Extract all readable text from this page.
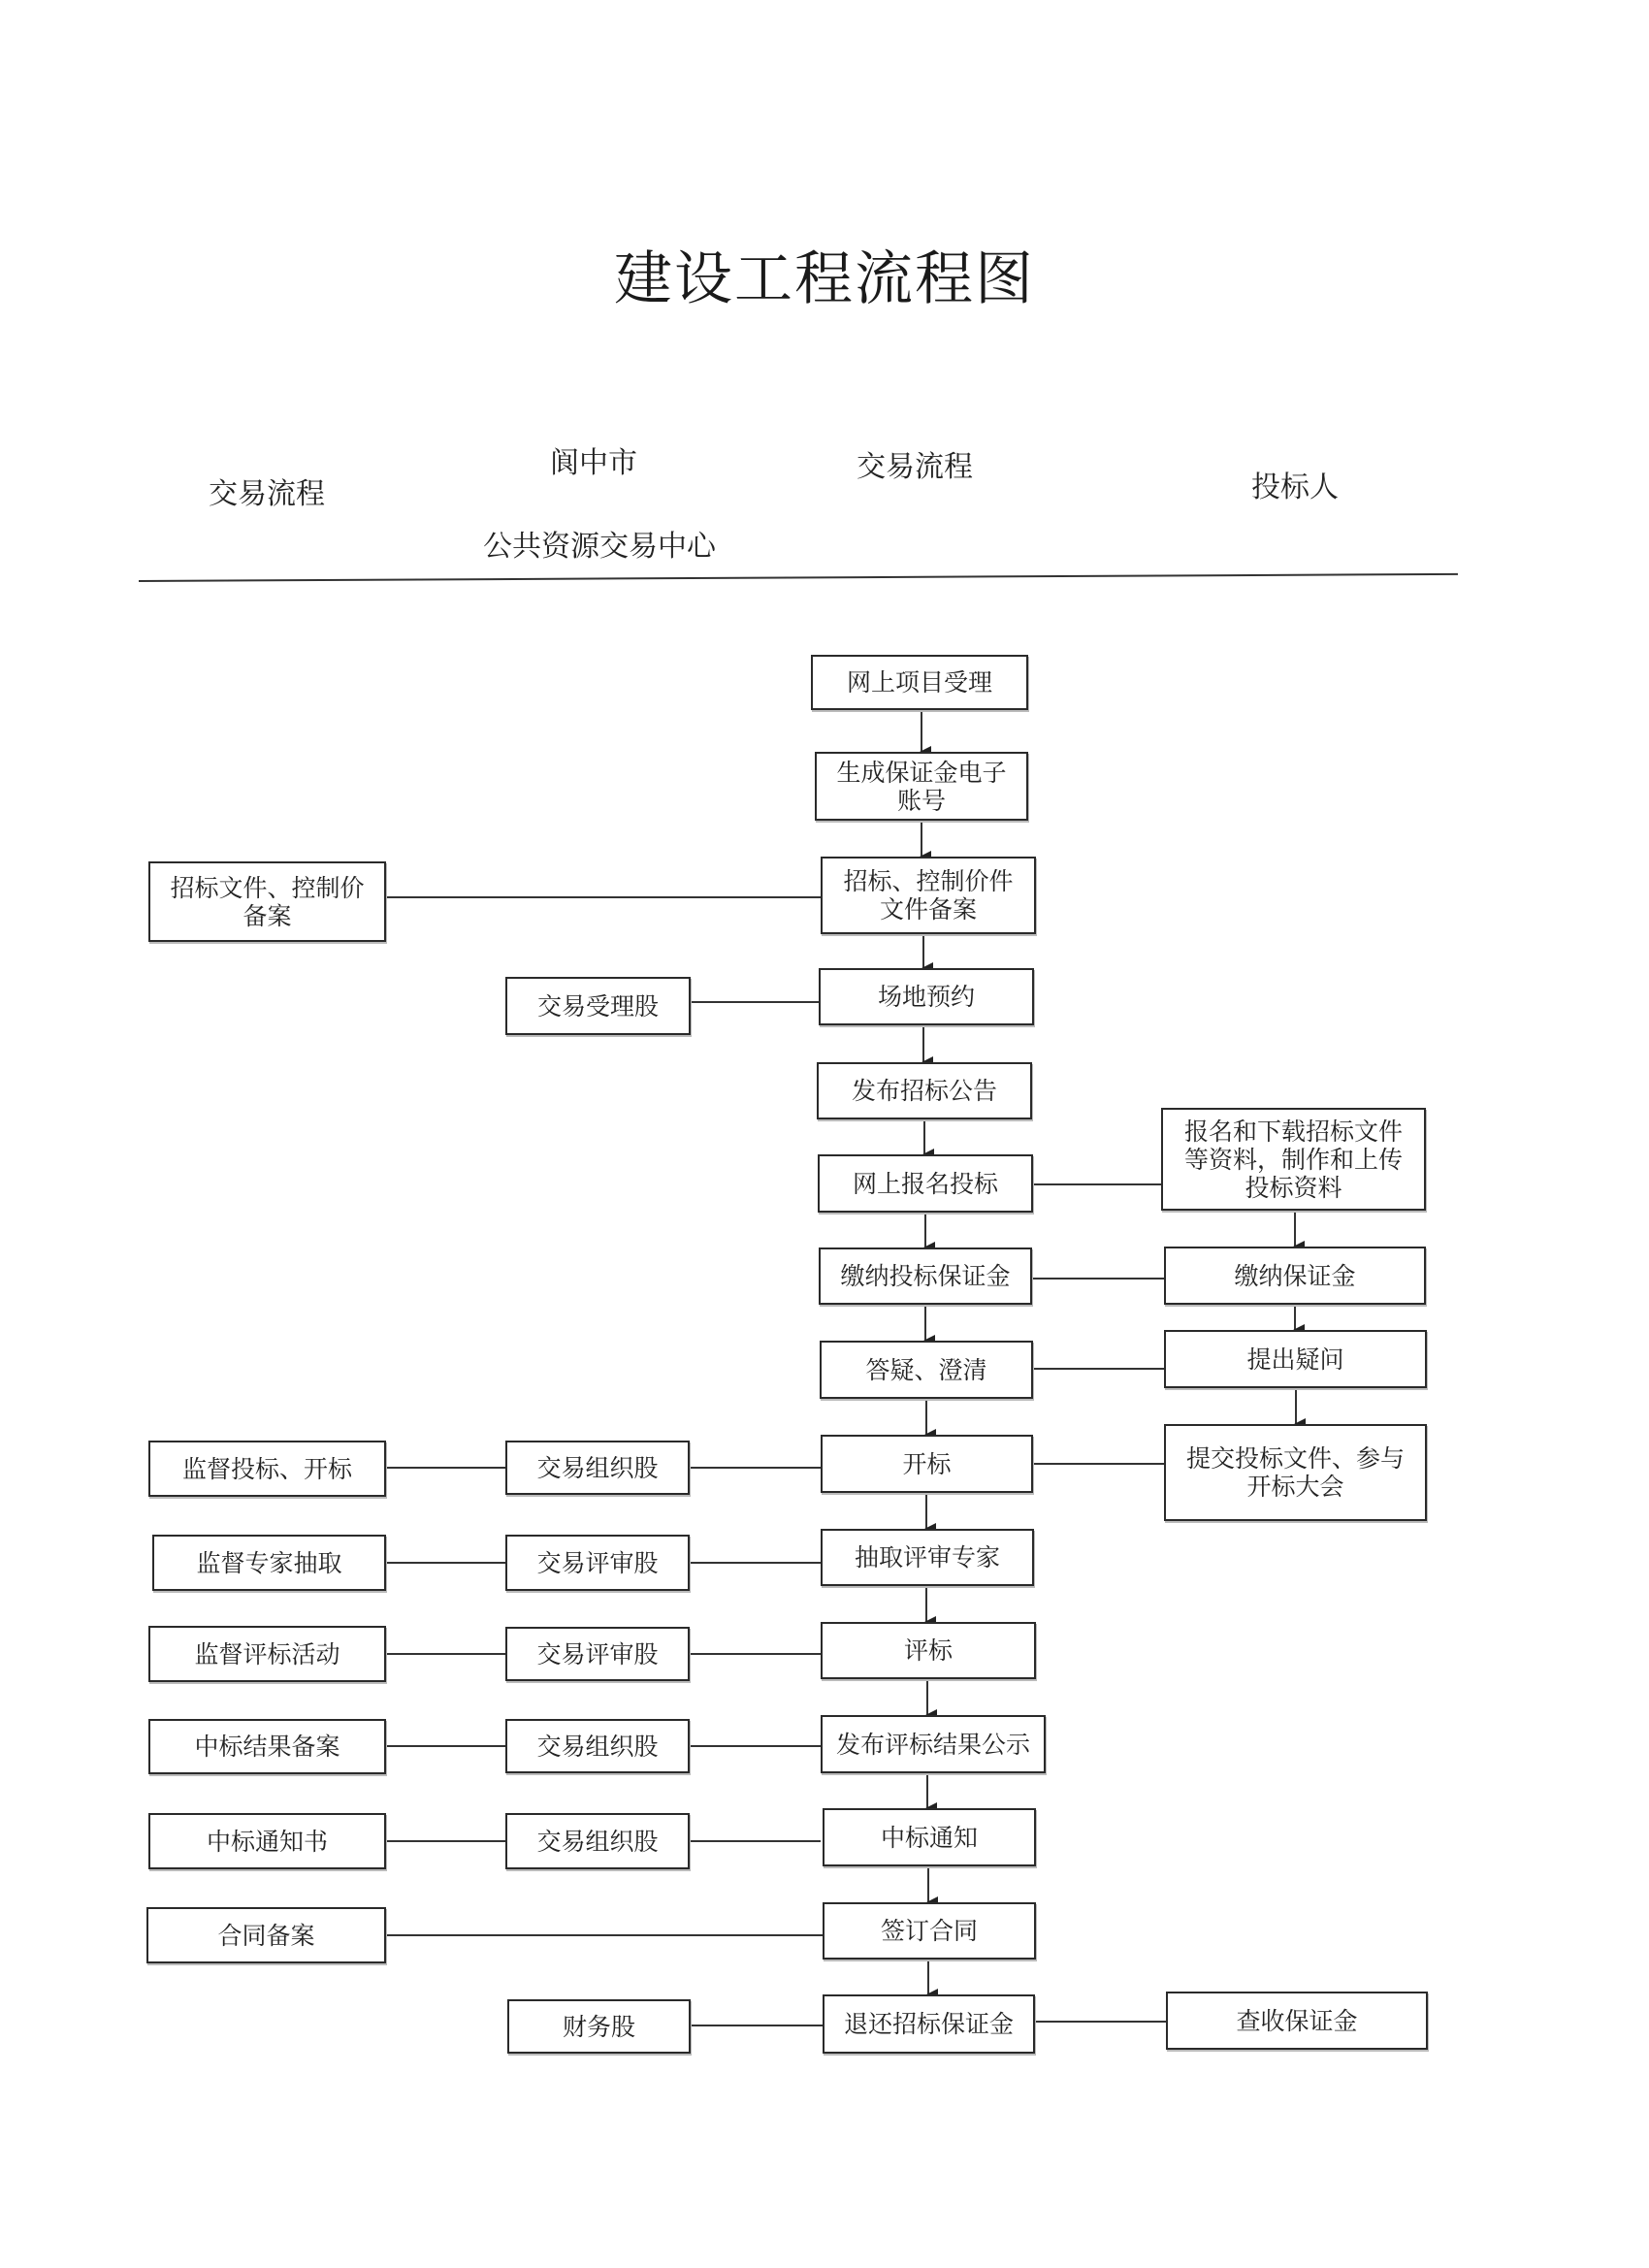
建设工程流程图
交易流程
阆中市
公共资源交易中心
交易流程
投标人
网上项目受理
生成保证金电子
账号
招标、控制价件
文件备案
场地预约
发布招标公告
网上报名投标
缴纳投标保证金
答疑、澄清
开标
抽取评审专家
评标
发布评标结果公示
中标通知
签订合同
退还招标保证金
招标文件、控制价
备案
监督投标、开标
监督专家抽取
监督评标活动
中标结果备案
中标通知书
合同备案
交易受理股
交易组织股
交易评审股
交易评审股
交易组织股
交易组织股
财务股
报名和下载招标文件
等资料，制作和上传
投标资料
缴纳保证金
提出疑问
提交投标文件、参与
开标大会
查收保证金
